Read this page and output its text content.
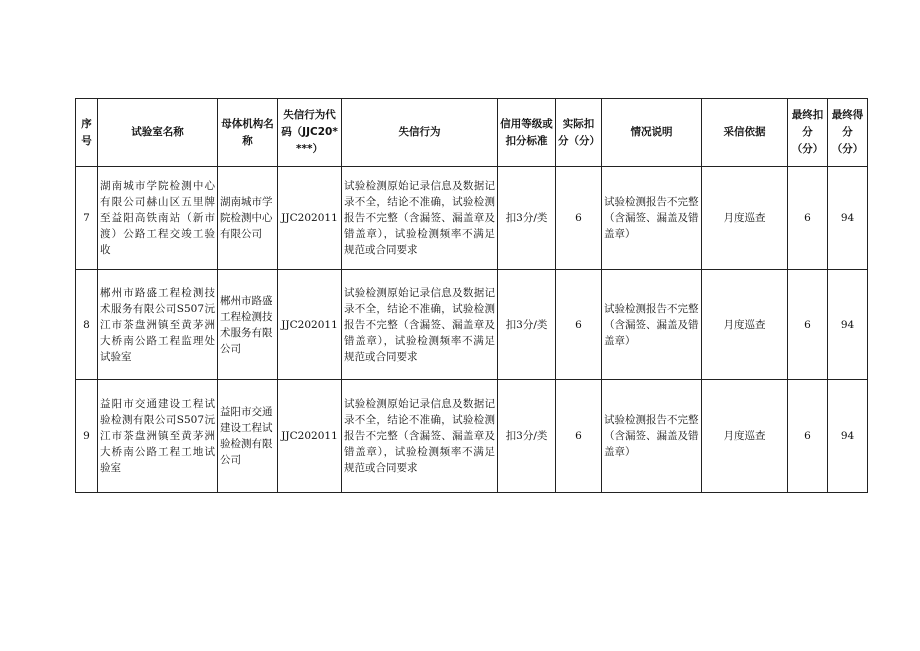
序号	试验室名称	母体机构名称	失信行为代码（JJC20****）	失信行为	信用等级或扣分标准	实际扣分（分）	情况说明	采信依据	最终扣分（分）	最终得分（分）
7	湖南城市学院检测中心有限公司赫山区五里牌至益阳高铁南站（新市渡）公路工程交竣工验收	湖南城市学院检测中心有限公司	JJC202011	试验检测原始记录信息及数据记录不全，结论不准确，试验检测报告不完整（含漏签、漏盖章及错盖章），试验检测频率不满足规范或合同要求	扣3分/类	6	试验检测报告不完整（含漏签、漏盖及错盖章）	月度巡查	6	94
8	郴州市路盛工程检测技术服务有限公司S507沅江市茶盘洲镇至黄茅洲大桥南公路工程监理处试验室	郴州市路盛工程检测技术服务有限公司	JJC202011	试验检测原始记录信息及数据记录不全，结论不准确，试验检测报告不完整（含漏签、漏盖章及错盖章），试验检测频率不满足规范或合同要求	扣3分/类	6	试验检测报告不完整（含漏签、漏盖及错盖章）	月度巡查	6	94
9	益阳市交通建设工程试验检测有限公司S507沅江市茶盘洲镇至黄茅洲大桥南公路工程工地试验室	益阳市交通建设工程试验检测有限公司	JJC202011	试验检测原始记录信息及数据记录不全，结论不准确，试验检测报告不完整（含漏签、漏盖章及错盖章），试验检测频率不满足规范或合同要求	扣3分/类	6	试验检测报告不完整（含漏签、漏盖及错盖章）	月度巡查	6	94
